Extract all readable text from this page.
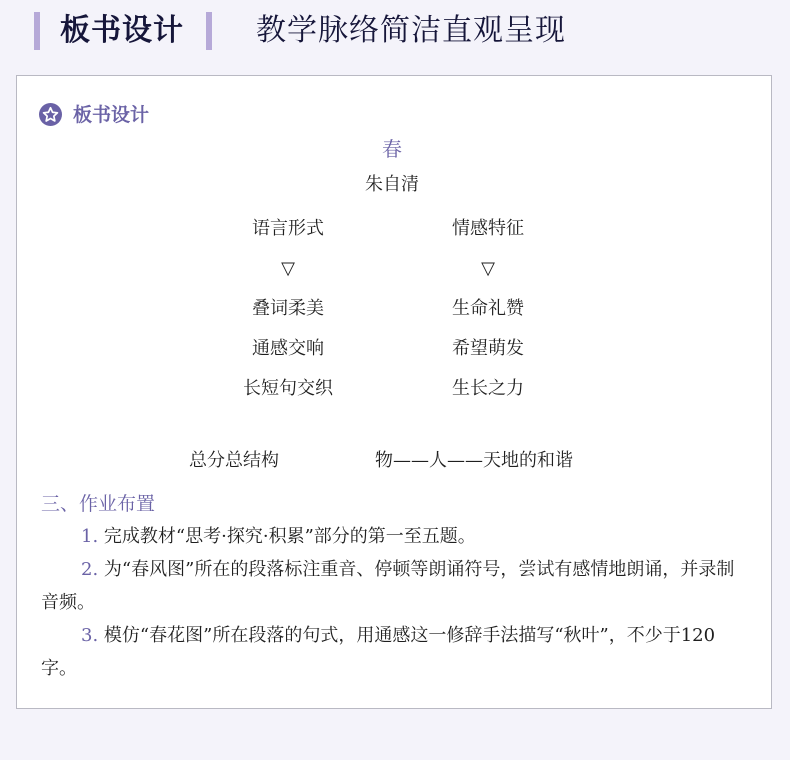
板书设计 教学脉络简洁直观呈现
板书设计
春
朱自清
语言形式	情感特征
▽	▽
叠词柔美	生命礼赞
通感交响	希望萌发
长短句交织	生长之力
总分总结构	物——人——天地的和谐
三、作业布置
1. 完成教材“思考·探究·积累”部分的第一至五题。
2. 为“春风图”所在的段落标注重音、停顿等朗诵符号，尝试有感情地朗诵，并录制音频。
3. 模仿“春花图”所在段落的句式，用通感这一修辞手法描写“秋叶”，不少于120字。
